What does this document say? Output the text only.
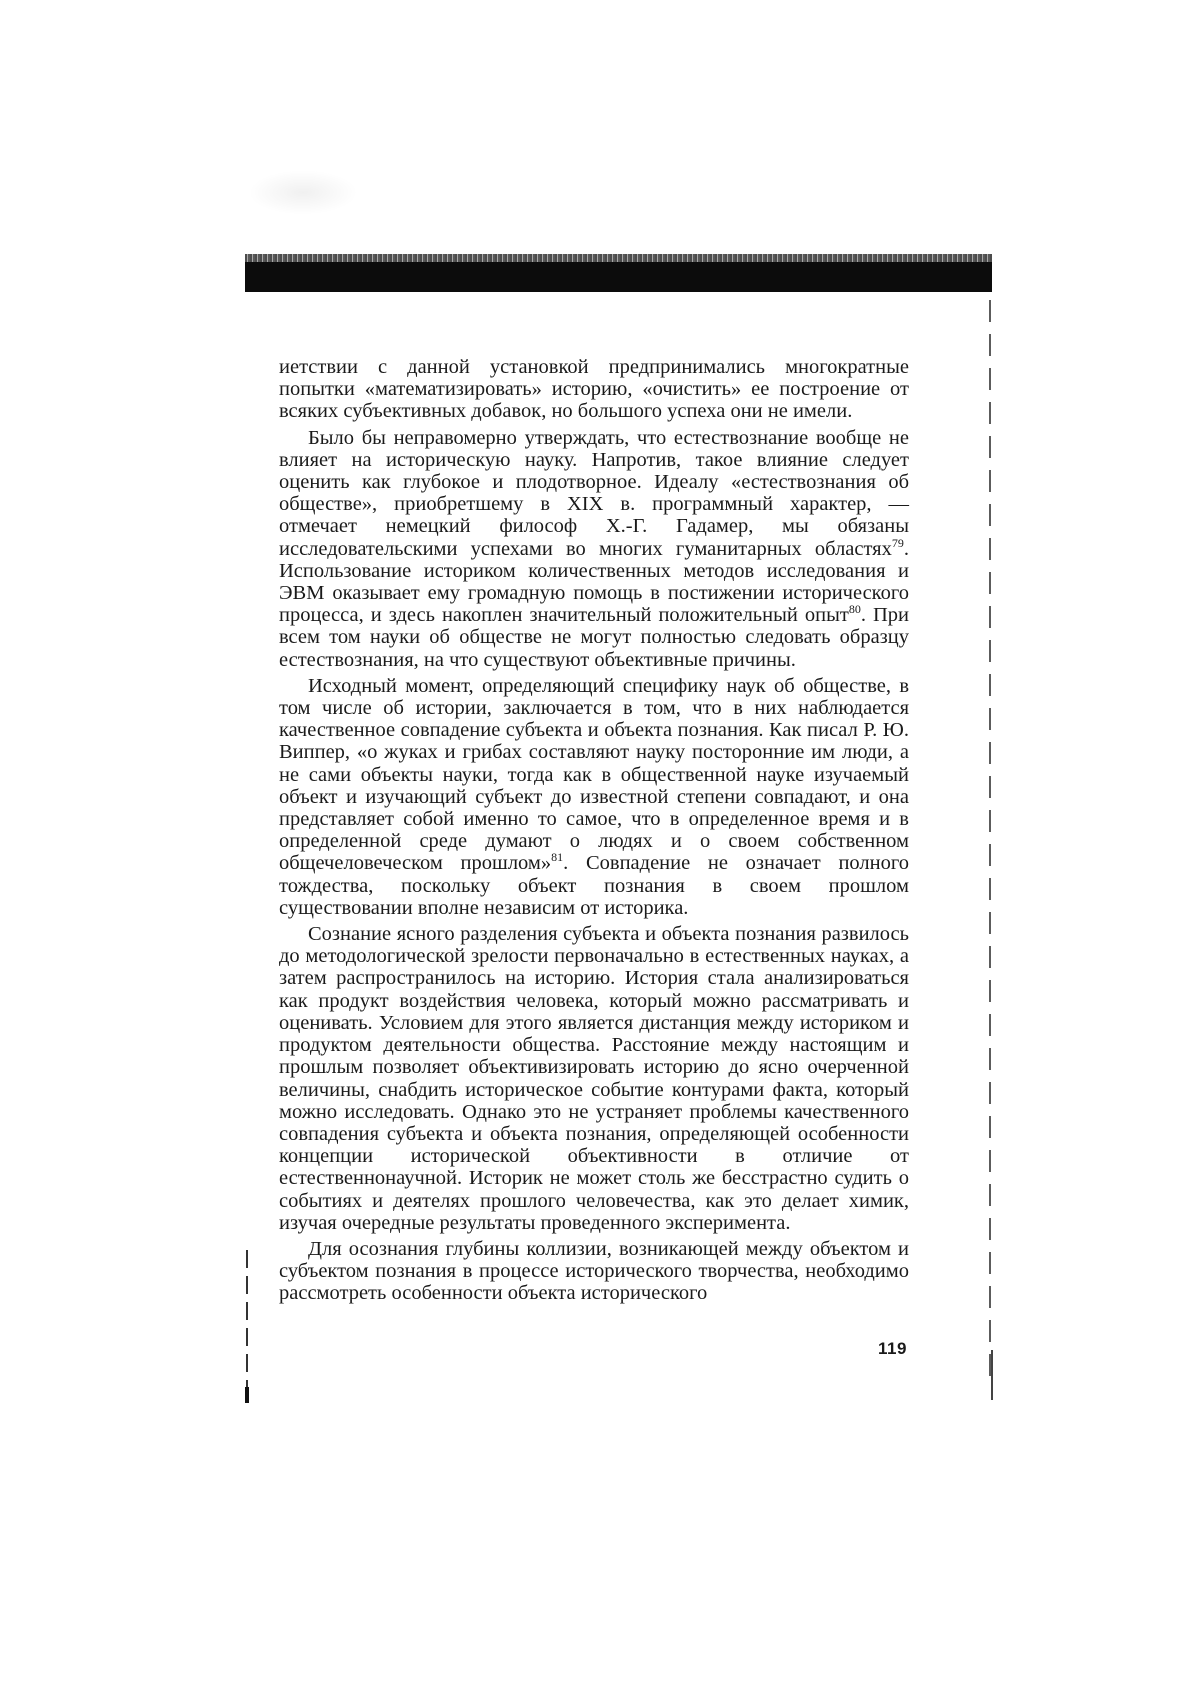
иетствии с данной установкой предпринимались многократные попытки «математизировать» историю, «очистить» ее построение от всяких субъективных добавок, но большого успеха они не имели.

Было бы неправомерно утверждать, что естествознание вообще не влияет на историческую науку. Напротив, такое влияние следует оценить как глубокое и плодотворное. Идеалу «естествознания об обществе», приобретшему в XIX в. программный характер, — отмечает немецкий философ Х.-Г. Гадамер, мы обязаны исследовательскими успехами во многих гуманитарных областях$^{79}$. Использование историком количественных методов исследования и ЭВМ оказывает ему громадную помощь в постижении исторического процесса, и здесь накоплен значительный положительный опыт$^{80}$. При всем том науки об обществе не могут полностью следовать образцу естествознания, на что существуют объективные причины.

Исходный момент, определяющий специфику наук об обществе, в том числе об истории, заключается в том, что в них наблюдается качественное совпадение субъекта и объекта познания. Как писал Р. Ю. Виппер, «о жуках и грибах составляют науку посторонние им люди, а не сами объекты науки, тогда как в общественной науке изучаемый объект и изучающий субъект до известной степени совпадают, и она представляет собой именно то самое, что в определенное время и в определенной среде думают о людях и о своем собственном общечеловеческом прошлом»$^{81}$. Совпадение не означает полного тождества, поскольку объект познания в своем прошлом существовании вполне независим от историка.

Сознание ясного разделения субъекта и объекта познания развилось до методологической зрелости первоначально в естественных науках, а затем распространилось на историю. История стала анализироваться как продукт воздействия человека, который можно рассматривать и оценивать. Условием для этого является дистанция между историком и продуктом деятельности общества. Расстояние между настоящим и прошлым позволяет объективизировать историю до ясно очерченной величины, снабдить историческое событие контурами факта, который можно исследовать. Однако это не устраняет проблемы качественного совпадения субъекта и объекта познания, определяющей особенности концепции исторической объективности в отличие от естественнонаучной. Историк не может столь же бесстрастно судить о событиях и деятелях прошлого человечества, как это делает химик, изучая очередные результаты проведенного эксперимента.

Для осознания глубины коллизии, возникающей между объектом и субъектом познания в процессе исторического творчества, необходимо рассмотреть особенности объекта исторического

119
